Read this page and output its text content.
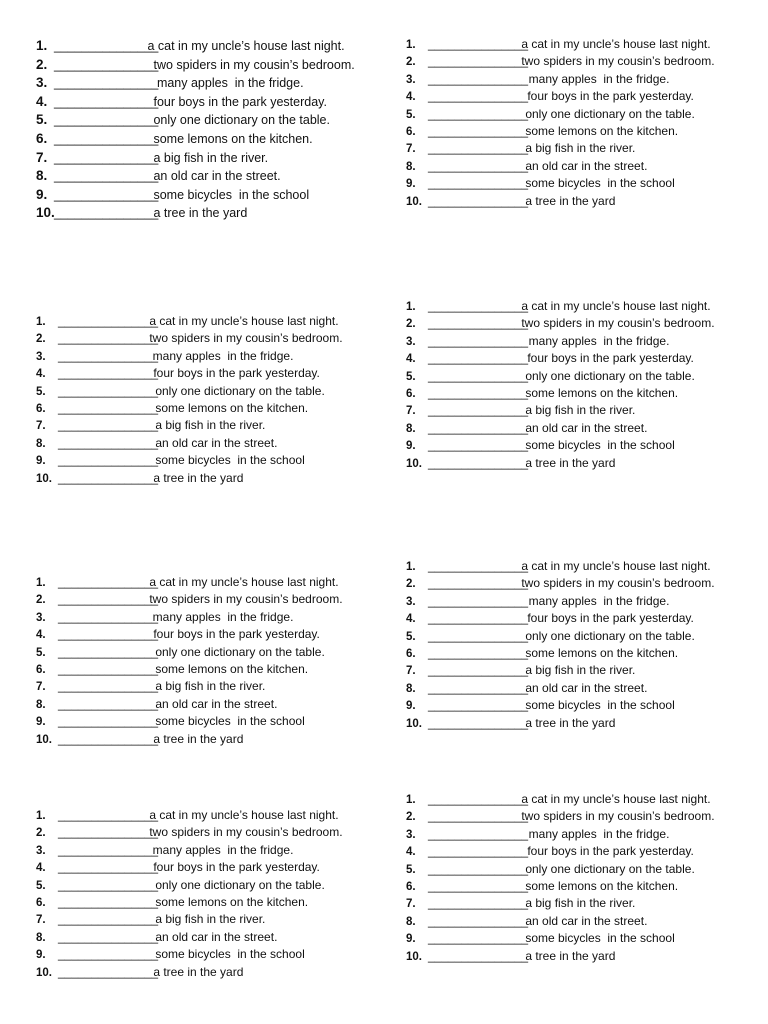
1. _______________
a cat in my uncle’s house last night.
2. _______________
two spiders in my cousin’s bedroom.
3. _______________
many apples  in the fridge.
4. _______________
four boys in the park yesterday.
5. _______________
only one dictionary on the table.
6. _______________
some lemons on the kitchen.
7. _______________
a big fish in the river.
8. _______________
an old car in the street.
9. _______________
some bicycles  in the school
10. _______________
a tree in the yard
1.	_______________
a cat in my uncle’s house last night.
2.	_______________
two spiders in my cousin’s bedroom.
3.	_______________
many apples  in the fridge.
4.	_______________
four boys in the park yesterday.
5.	_______________
only one dictionary on the table.
6.	_______________
some lemons on the kitchen.
7.	_______________
a big fish in the river.
8.	_______________
an old car in the street.
9.	_______________
some bicycles  in the school
10. _______________
a tree in the yard
1.	_______________
a cat in my uncle’s house last night.
2.	_______________
two spiders in my cousin’s bedroom.
3.	_______________
many apples  in the fridge.
4.	_______________
four boys in the park yesterday.
5.	_______________
only one dictionary on the table.
6.	_______________
some lemons on the kitchen.
7.	_______________
a big fish in the river.
8.	_______________
an old car in the street.
9.	_______________
some bicycles  in the school
10. _______________
a tree in the yard
1.	_______________
a cat in my uncle’s house last night.
2.	_______________
two spiders in my cousin’s bedroom.
3.	_______________
many apples  in the fridge.
4.	_______________
four boys in the park yesterday.
5.	_______________
only one dictionary on the table.
6.	_______________
some lemons on the kitchen.
7.	_______________
a big fish in the river.
8.	_______________
an old car in the street.
9.	_______________
some bicycles  in the school
10. _______________
a tree in the yard
1.	_______________
a cat in my uncle’s house last night.
2.	_______________
two spiders in my cousin’s bedroom.
3.	_______________
many apples  in the fridge.
4.	_______________
four boys in the park yesterday.
5.	_______________
only one dictionary on the table.
6.	_______________
some lemons on the kitchen.
7.	_______________
a big fish in the river.
8.	_______________
an old car in the street.
9.	_______________
some bicycles  in the school
10. _______________
a tree in the yard
1.	_______________
a cat in my uncle’s house last night.
2.	_______________
two spiders in my cousin’s bedroom.
3.	_______________
many apples  in the fridge.
4.	_______________
four boys in the park yesterday.
5.	_______________
only one dictionary on the table.
6.	_______________
some lemons on the kitchen.
7.	_______________
a big fish in the river.
8.	_______________
an old car in the street.
9.	_______________
some bicycles  in the school
10. _______________
a tree in the yard
1.	_______________
a cat in my uncle’s house last night.
2.	_______________
two spiders in my cousin’s bedroom.
3.	_______________
many apples  in the fridge.
4.	_______________
four boys in the park yesterday.
5.	_______________
only one dictionary on the table.
6.	_______________
some lemons on the kitchen.
7.	_______________
a big fish in the river.
8.	_______________
an old car in the street.
9.	_______________
some bicycles  in the school
10. _______________
a tree in the yard
1.	_______________
a cat in my uncle’s house last night.
2.	_______________
two spiders in my cousin’s bedroom.
3.	_______________
many apples  in the fridge.
4.	_______________
four boys in the park yesterday.
5.	_______________
only one dictionary on the table.
6.	_______________
some lemons on the kitchen.
7.	_______________
a big fish in the river.
8.	_______________
an old car in the street.
9.	_______________
some bicycles  in the school
10. _______________
a tree in the yard
